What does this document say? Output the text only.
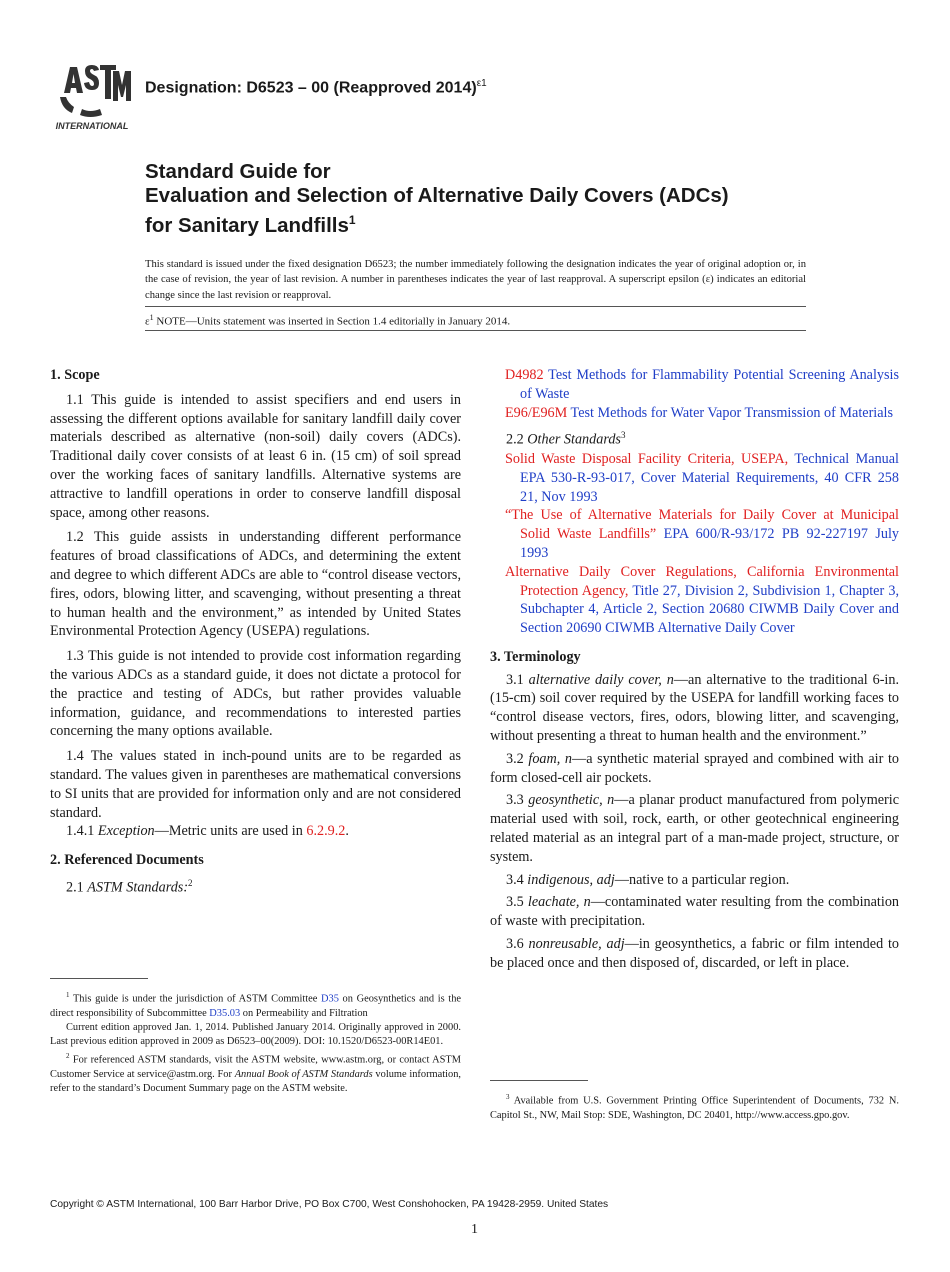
INTERNATIONAL
Designation: D6523 – 00 (Reapproved 2014)$^{\varepsilon 1}$
Standard Guide for
Evaluation and Selection of Alternative Daily Covers (ADCs)
for Sanitary Landfills$^1$
This standard is issued under the fixed designation D6523; the number immediately following the designation indicates the year of original adoption or, in the case of revision, the year of last revision. A number in parentheses indicates the year of last reapproval. A superscript epsilon (ε) indicates an editorial change since the last revision or reapproval.
$\varepsilon^1$ NOTE—Units statement was inserted in Section 1.4 editorially in January 2014.

1. Scope

1.1 This guide is intended to assist specifiers and end users in assessing the different options available for sanitary landfill daily cover materials described as alternative (non-soil) daily covers (ADCs). Traditional daily cover consists of at least 6 in. (15 cm) of soil spread over the working faces of sanitary landfills. Alternative systems are attractive to landfill operations in order to conserve landfill disposal space, among other reasons.

1.2 This guide assists in understanding different performance features of broad classifications of ADCs, and determining the extent and degree to which different ADCs are able to “control disease vectors, fires, odors, blowing litter, and scavenging, without presenting a threat to human health and the environment,” as intended by United States Environmental Protection Agency (USEPA) regulations.

1.3 This guide is not intended to provide cost information regarding the various ADCs as a standard guide, it does not dictate a protocol for the practice and testing of ADCs, but rather provides valuable information, guidance, and recommendations to interested parties concerning the many options available.

1.4 The values stated in inch-pound units are to be regarded as standard. The values given in parentheses are mathematical conversions to SI units that are provided for information only and are not considered standard.

1.4.1 Exception—Metric units are used in 6.2.9.2.

2. Referenced Documents

2.1 ASTM Standards:$^2$

$^1$ This guide is under the jurisdiction of ASTM Committee D35 on Geosynthetics and is the direct responsibility of Subcommittee D35.03 on Permeability and Filtration

Current edition approved Jan. 1, 2014. Published January 2014. Originally approved in 2000. Last previous edition approved in 2009 as D6523–00(2009). DOI: 10.1520/D6523-00R14E01.

$^2$ For referenced ASTM standards, visit the ASTM website, www.astm.org, or contact ASTM Customer Service at service@astm.org. For Annual Book of ASTM Standards volume information, refer to the standard’s Document Summary page on the ASTM website.

D4982 Test Methods for Flammability Potential Screening Analysis of Waste

E96/E96M Test Methods for Water Vapor Transmission of Materials

2.2 Other Standards$^3$

Solid Waste Disposal Facility Criteria, USEPA, Technical Manual EPA 530-R-93-017, Cover Material Requirements, 40 CFR 258 21, Nov 1993

“The Use of Alternative Materials for Daily Cover at Municipal Solid Waste Landfills” EPA 600/R-93/172 PB 92-227197 July 1993

Alternative Daily Cover Regulations, California Environmental Protection Agency, Title 27, Division 2, Subdivision 1, Chapter 3, Subchapter 4, Article 2, Section 20680 CIWMB Daily Cover and Section 20690 CIWMB Alternative Daily Cover

3. Terminology

3.1 alternative daily cover, n—an alternative to the traditional 6-in. (15-cm) soil cover required by the USEPA for landfill working faces to “control disease vectors, fires, odors, blowing litter, and scavenging, without presenting a threat to human health and the environment.”

3.2 foam, n—a synthetic material sprayed and combined with air to form closed-cell air pockets.

3.3 geosynthetic, n—a planar product manufactured from polymeric material used with soil, rock, earth, or other geotechnical engineering related material as an integral part of a man-made project, structure, or system.

3.4 indigenous, adj—native to a particular region.

3.5 leachate, n—contaminated water resulting from the combination of waste with precipitation.

3.6 nonreusable, adj—in geosynthetics, a fabric or film intended to be placed once and then disposed of, discarded, or left in place.

$^3$ Available from U.S. Government Printing Office Superintendent of Documents, 732 N. Capitol St., NW, Mail Stop: SDE, Washington, DC 20401, http://www.access.gpo.gov.

Copyright © ASTM International, 100 Barr Harbor Drive, PO Box C700, West Conshohocken, PA 19428-2959. United States
1
